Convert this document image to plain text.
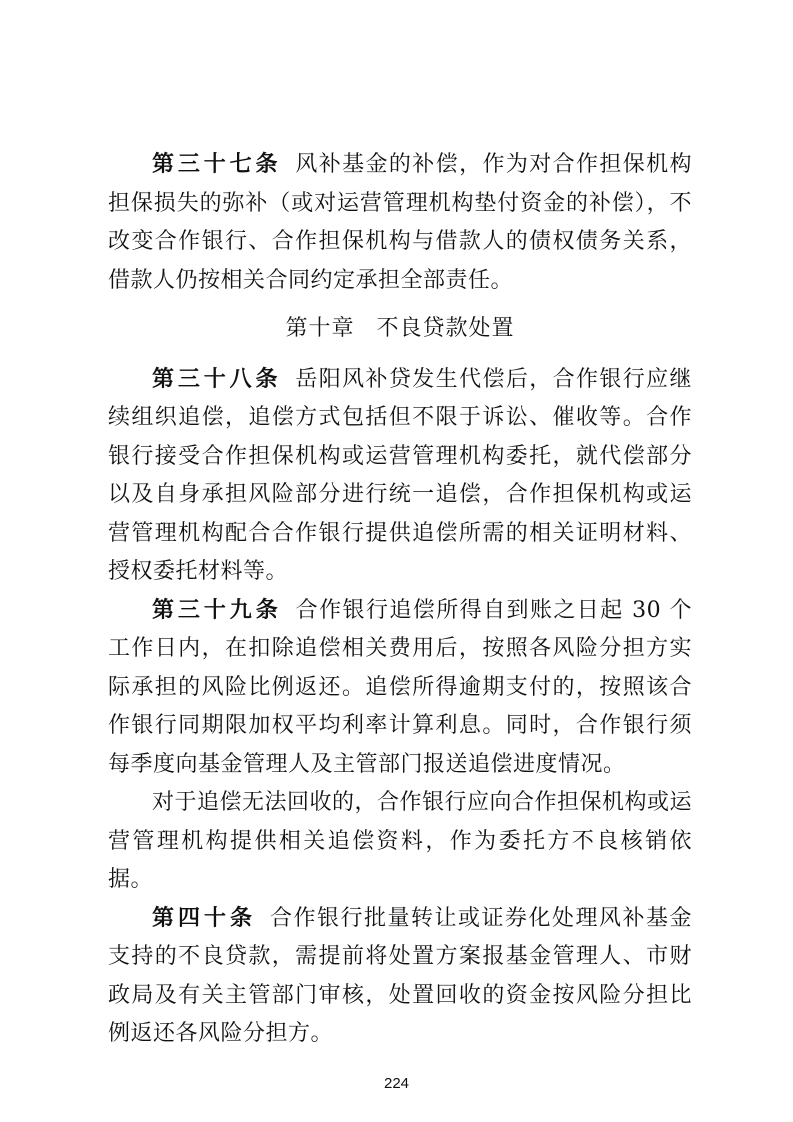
第三十七条 风补基金的补偿，作为对合作担保机构担保损失的弥补（或对运营管理机构垫付资金的补偿），不改变合作银行、合作担保机构与借款人的债权债务关系，借款人仍按相关合同约定承担全部责任。

第十章 不良贷款处置

第三十八条 岳阳风补贷发生代偿后，合作银行应继续组织追偿，追偿方式包括但不限于诉讼、催收等。合作银行接受合作担保机构或运营管理机构委托，就代偿部分以及自身承担风险部分进行统一追偿，合作担保机构或运营管理机构配合合作银行提供追偿所需的相关证明材料、授权委托材料等。

第三十九条 合作银行追偿所得自到账之日起 30 个工作日内，在扣除追偿相关费用后，按照各风险分担方实际承担的风险比例返还。追偿所得逾期支付的，按照该合作银行同期限加权平均利率计算利息。同时，合作银行须每季度向基金管理人及主管部门报送追偿进度情况。

对于追偿无法回收的，合作银行应向合作担保机构或运营管理机构提供相关追偿资料，作为委托方不良核销依据。

第四十条 合作银行批量转让或证券化处理风补基金支持的不良贷款，需提前将处置方案报基金管理人、市财政局及有关主管部门审核，处置回收的资金按风险分担比例返还各风险分担方。

224
